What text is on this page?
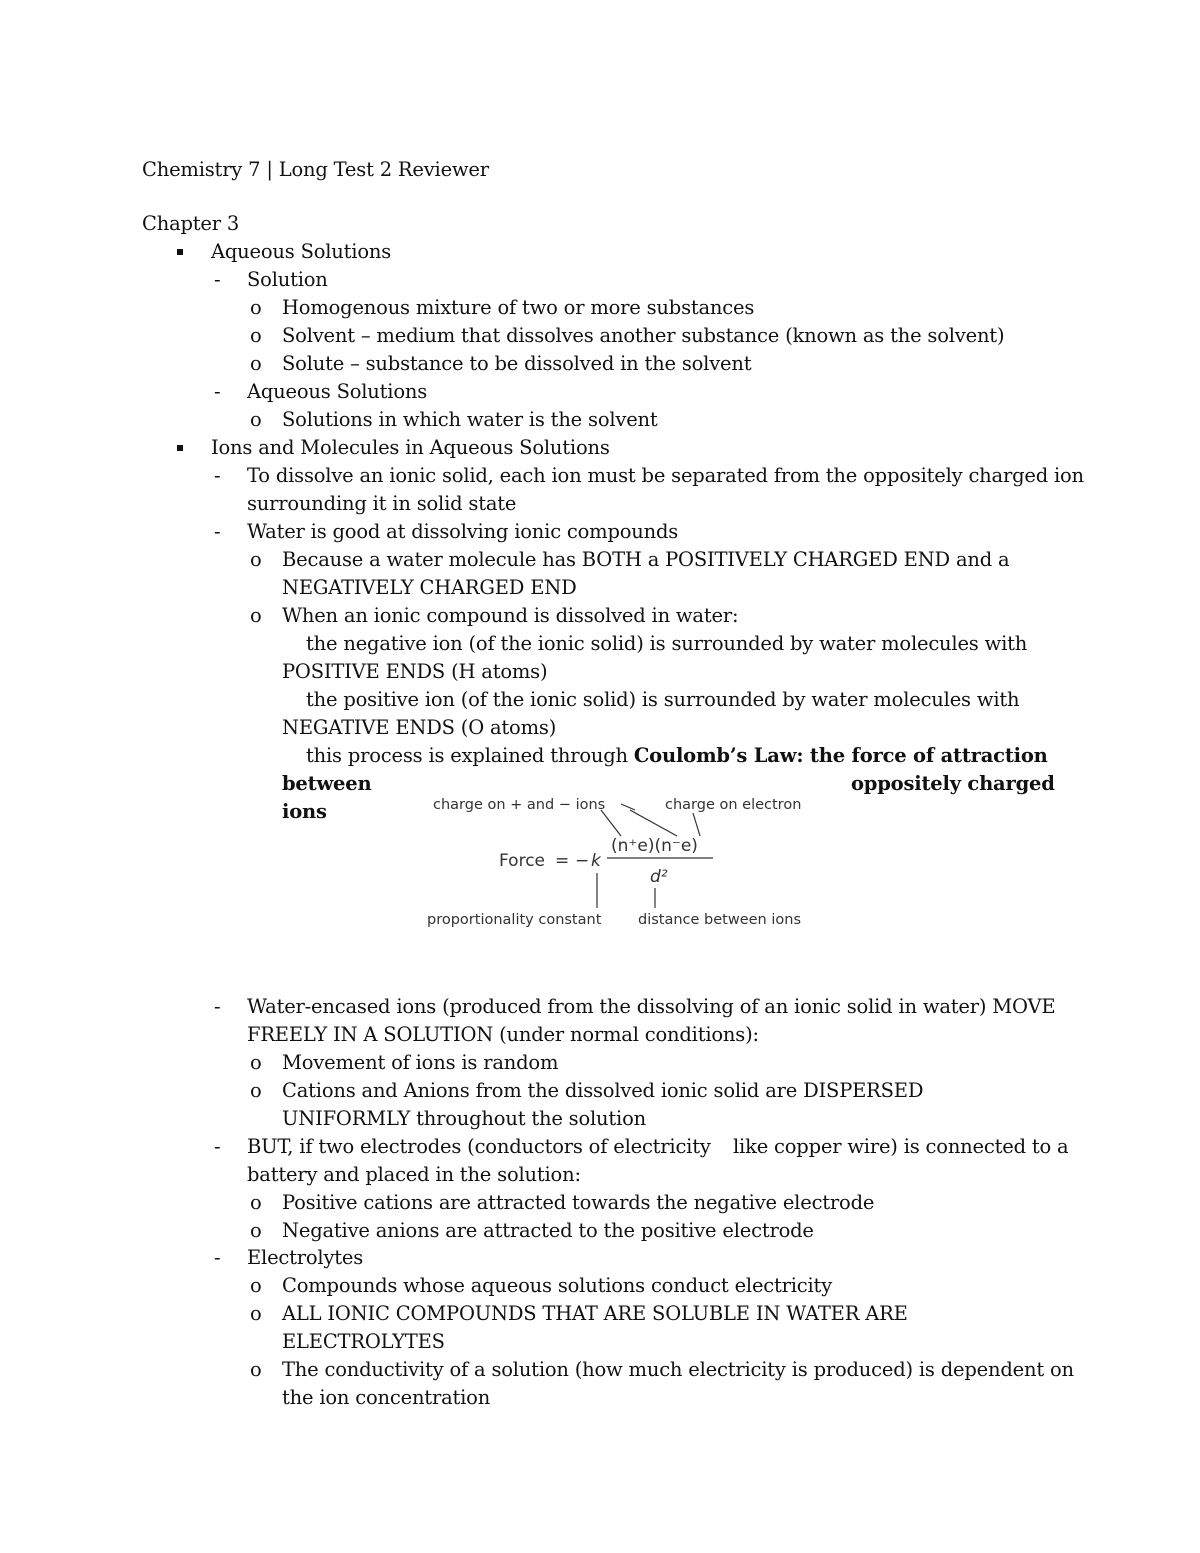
Chemistry 7 | Long Test 2 Reviewer
Chapter 3
Aqueous Solutions
- Solution
o Homogenous mixture of two or more substances
o Solvent – medium that dissolves another substance (known as the solvent)
o Solute – substance to be dissolved in the solvent
- Aqueous Solutions
o Solutions in which water is the solvent
Ions and Molecules in Aqueous Solutions
- To dissolve an ionic solid, each ion must be separated from the oppositely charged ion
surrounding it in solid state
- Water is good at dissolving ionic compounds
o Because a water molecule has BOTH a POSITIVELY CHARGED END and a
NEGATIVELY CHARGED END
o When an ionic compound is dissolved in water:
the negative ion (of the ionic solid) is surrounded by water molecules with
POSITIVE ENDS (H atoms)
the positive ion (of the ionic solid) is surrounded by water molecules with
NEGATIVE ENDS (O atoms)
this process is explained through Coulomb’s Law: the force of attraction
between	oppositely charged
ions	charge on + and − ions	charge on electron
(n⁺e)(n⁻e)
d²
Force = − k
proportionality constant	distance between ions
- Water-encased ions (produced from the dissolving of an ionic solid in water) MOVE
FREELY IN A SOLUTION (under normal conditions):
o Movement of ions is random
o Cations and Anions from the dissolved ionic solid are DISPERSED
UNIFORMLY throughout the solution
- BUT, if two electrodes (conductors of electricity like copper wire) is connected to a
battery and placed in the solution:
o Positive cations are attracted towards the negative electrode
o Negative anions are attracted to the positive electrode
- Electrolytes
o Compounds whose aqueous solutions conduct electricity
o ALL IONIC COMPOUNDS THAT ARE SOLUBLE IN WATER ARE
ELECTROLYTES
o The conductivity of a solution (how much electricity is produced) is dependent on
the ion concentration
